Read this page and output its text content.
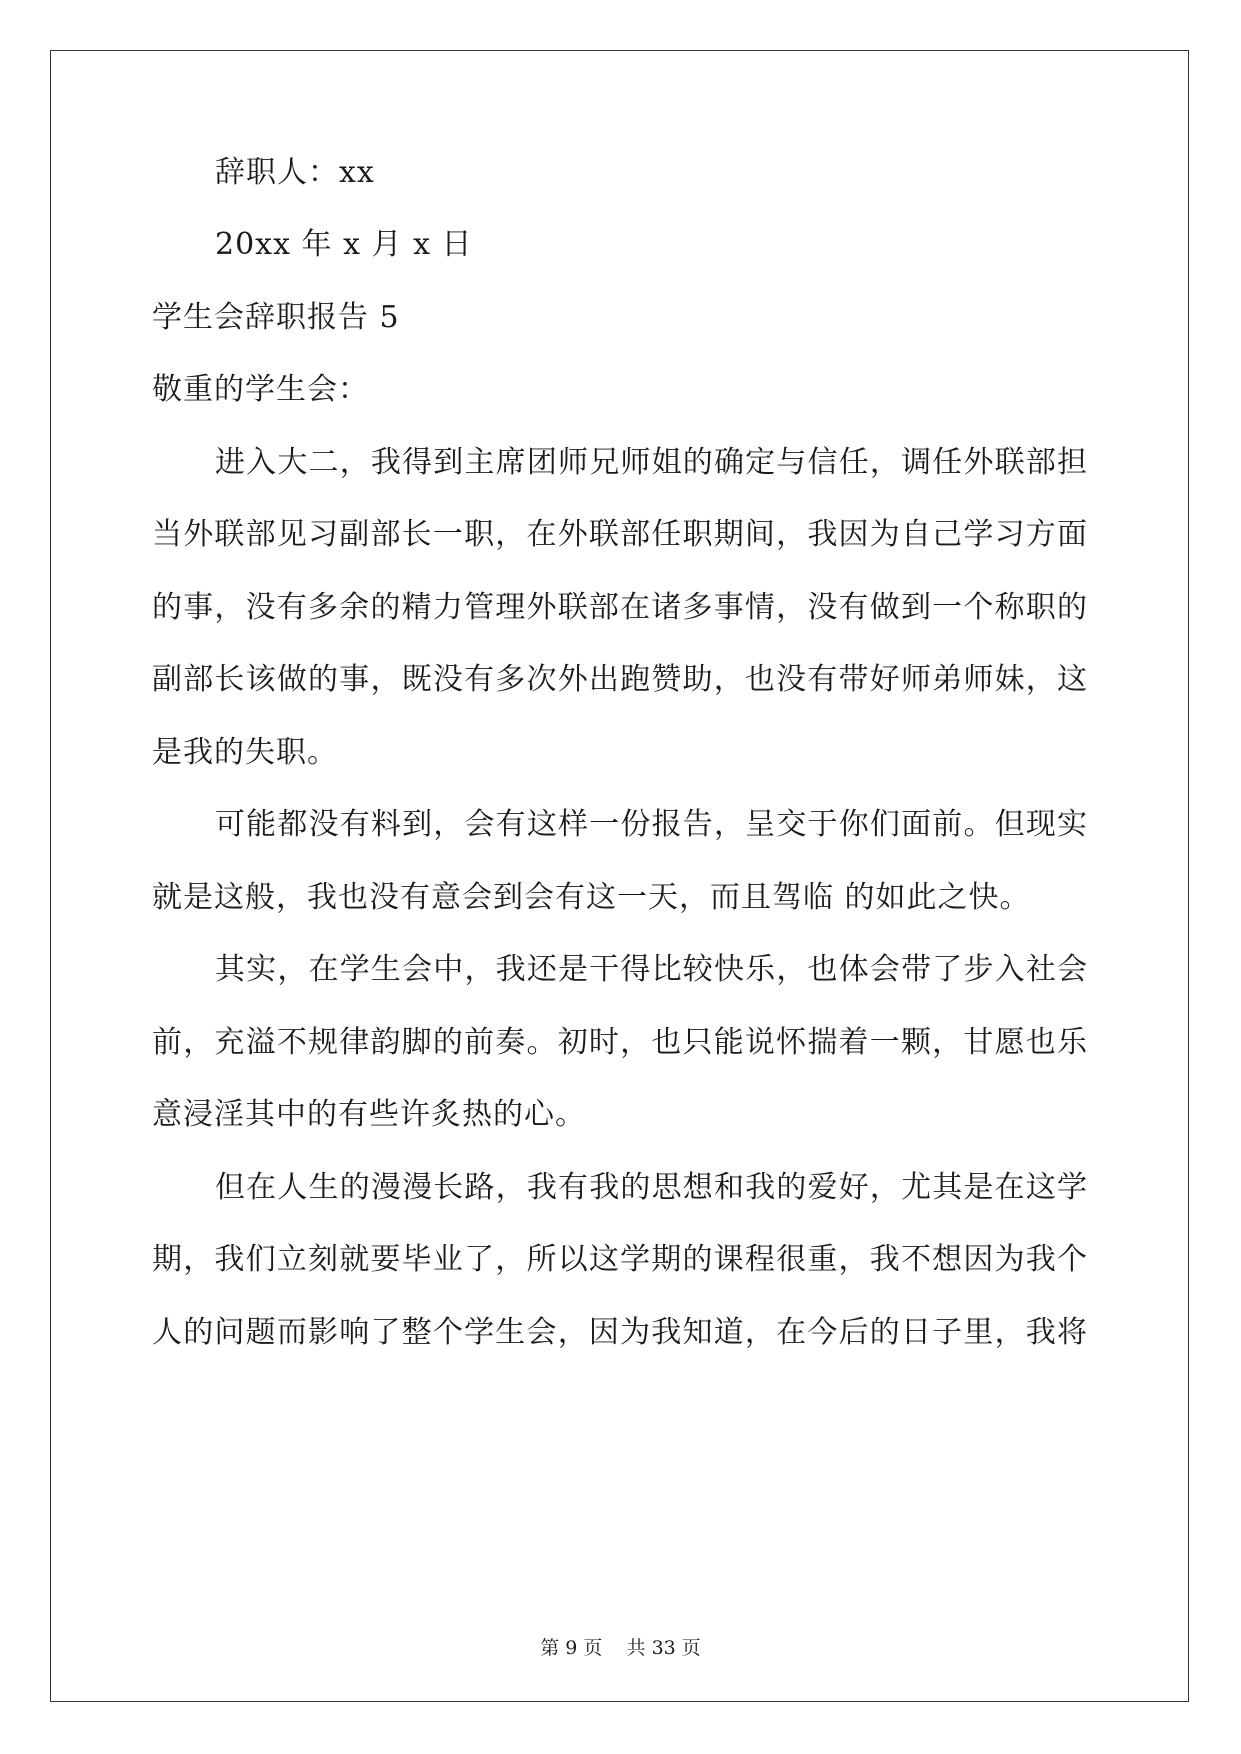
辞职人：xx
20xx 年 x 月 x 日
学生会辞职报告 5
敬重的学生会：
进入大二，我得到主席团师兄师姐的确定与信任，调任外联部担
当外联部见习副部长一职，在外联部任职期间，我因为自己学习方面
的事，没有多余的精力管理外联部在诸多事情，没有做到一个称职的
副部长该做的事，既没有多次外出跑赞助，也没有带好师弟师妹，这
是我的失职。
可能都没有料到，会有这样一份报告，呈交于你们面前。但现实
就是这般，我也没有意会到会有这一天，而且驾临 的如此之快。
其实，在学生会中，我还是干得比较快乐，也体会带了步入社会
前，充溢不规律韵脚的前奏。初时，也只能说怀揣着一颗，甘愿也乐
意浸淫其中的有些许炙热的心。
但在人生的漫漫长路，我有我的思想和我的爱好，尤其是在这学
期，我们立刻就要毕业了，所以这学期的课程很重，我不想因为我个
人的问题而影响了整个学生会，因为我知道，在今后的日子里，我将
第 9 页    共 33 页
